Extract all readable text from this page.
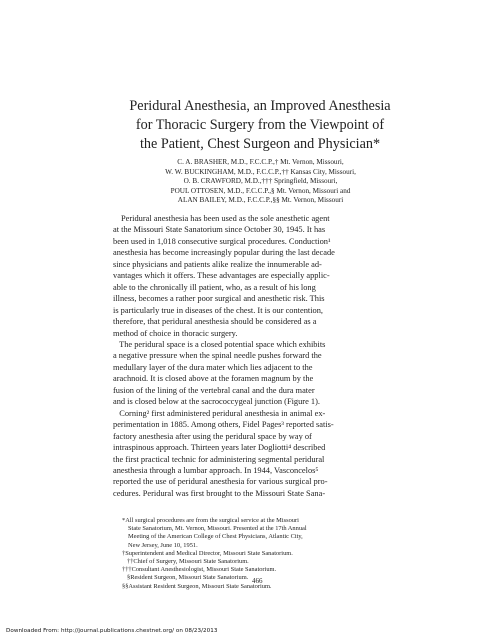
Peridural Anesthesia, an Improved Anesthesia
for Thoracic Surgery from the Viewpoint of
the Patient, Chest Surgeon and Physician*
C. A. BRASHER, M.D., F.C.C.P.,† Mt. Vernon, Missouri,
W. W. BUCKINGHAM, M.D., F.C.C.P.,†† Kansas City, Missouri,
O. B. CRAWFORD, M.D.,††† Springfield, Missouri,
POUL OTTOSEN, M.D., F.C.C.P.,§ Mt. Vernon, Missouri and
ALAN BAILEY, M.D., F.C.C.P.,§§ Mt. Vernon, Missouri
Peridural anesthesia has been used as the sole anesthetic agent
at the Missouri State Sanatorium since October 30, 1945. It has
been used in 1,018 consecutive surgical procedures. Conduction¹
anesthesia has become increasingly popular during the last decade
since physicians and patients alike realize the innumerable ad-
vantages which it offers. These advantages are especially applic-
able to the chronically ill patient, who, as a result of his long
illness, becomes a rather poor surgical and anesthetic risk. This
is particularly true in diseases of the chest. It is our contention,
therefore, that peridural anesthesia should be considered as a
method of choice in thoracic surgery.
The peridural space is a closed potential space which exhibits
a negative pressure when the spinal needle pushes forward the
medullary layer of the dura mater which lies adjacent to the
arachnoid. It is closed above at the foramen magnum by the
fusion of the lining of the vertebral canal and the dura mater
and is closed below at the sacrococcygeal junction (Figure 1).
Corning² first administered peridural anesthesia in animal ex-
perimentation in 1885. Among others, Fidel Pages³ reported satis-
factory anesthesia after using the peridural space by way of
intraspinous approach. Thirteen years later Dogliotti⁴ described
the first practical technic for administering segmental peridural
anesthesia through a lumbar approach. In 1944, Vasconcelos⁵
reported the use of peridural anesthesia for various surgical pro-
cedures. Peridural was first brought to the Missouri State Sana-
*All surgical procedures are from the surgical service at the Missouri
State Sanatorium, Mt. Vernon, Missouri. Presented at the 17th Annual
Meeting of the American College of Chest Physicians, Atlantic City,
New Jersey, June 10, 1951.
†Superintendent and Medical Director, Missouri State Sanatorium.
††Chief of Surgery, Missouri State Sanatorium.
†††Consultant Anesthesiologist, Missouri State Sanatorium.
§Resident Surgeon, Missouri State Sanatorium.
§§Assistant Resident Surgeon, Missouri State Sanatorium.
466
Downloaded From: http://journal.publications.chestnet.org/ on 08/23/2013
